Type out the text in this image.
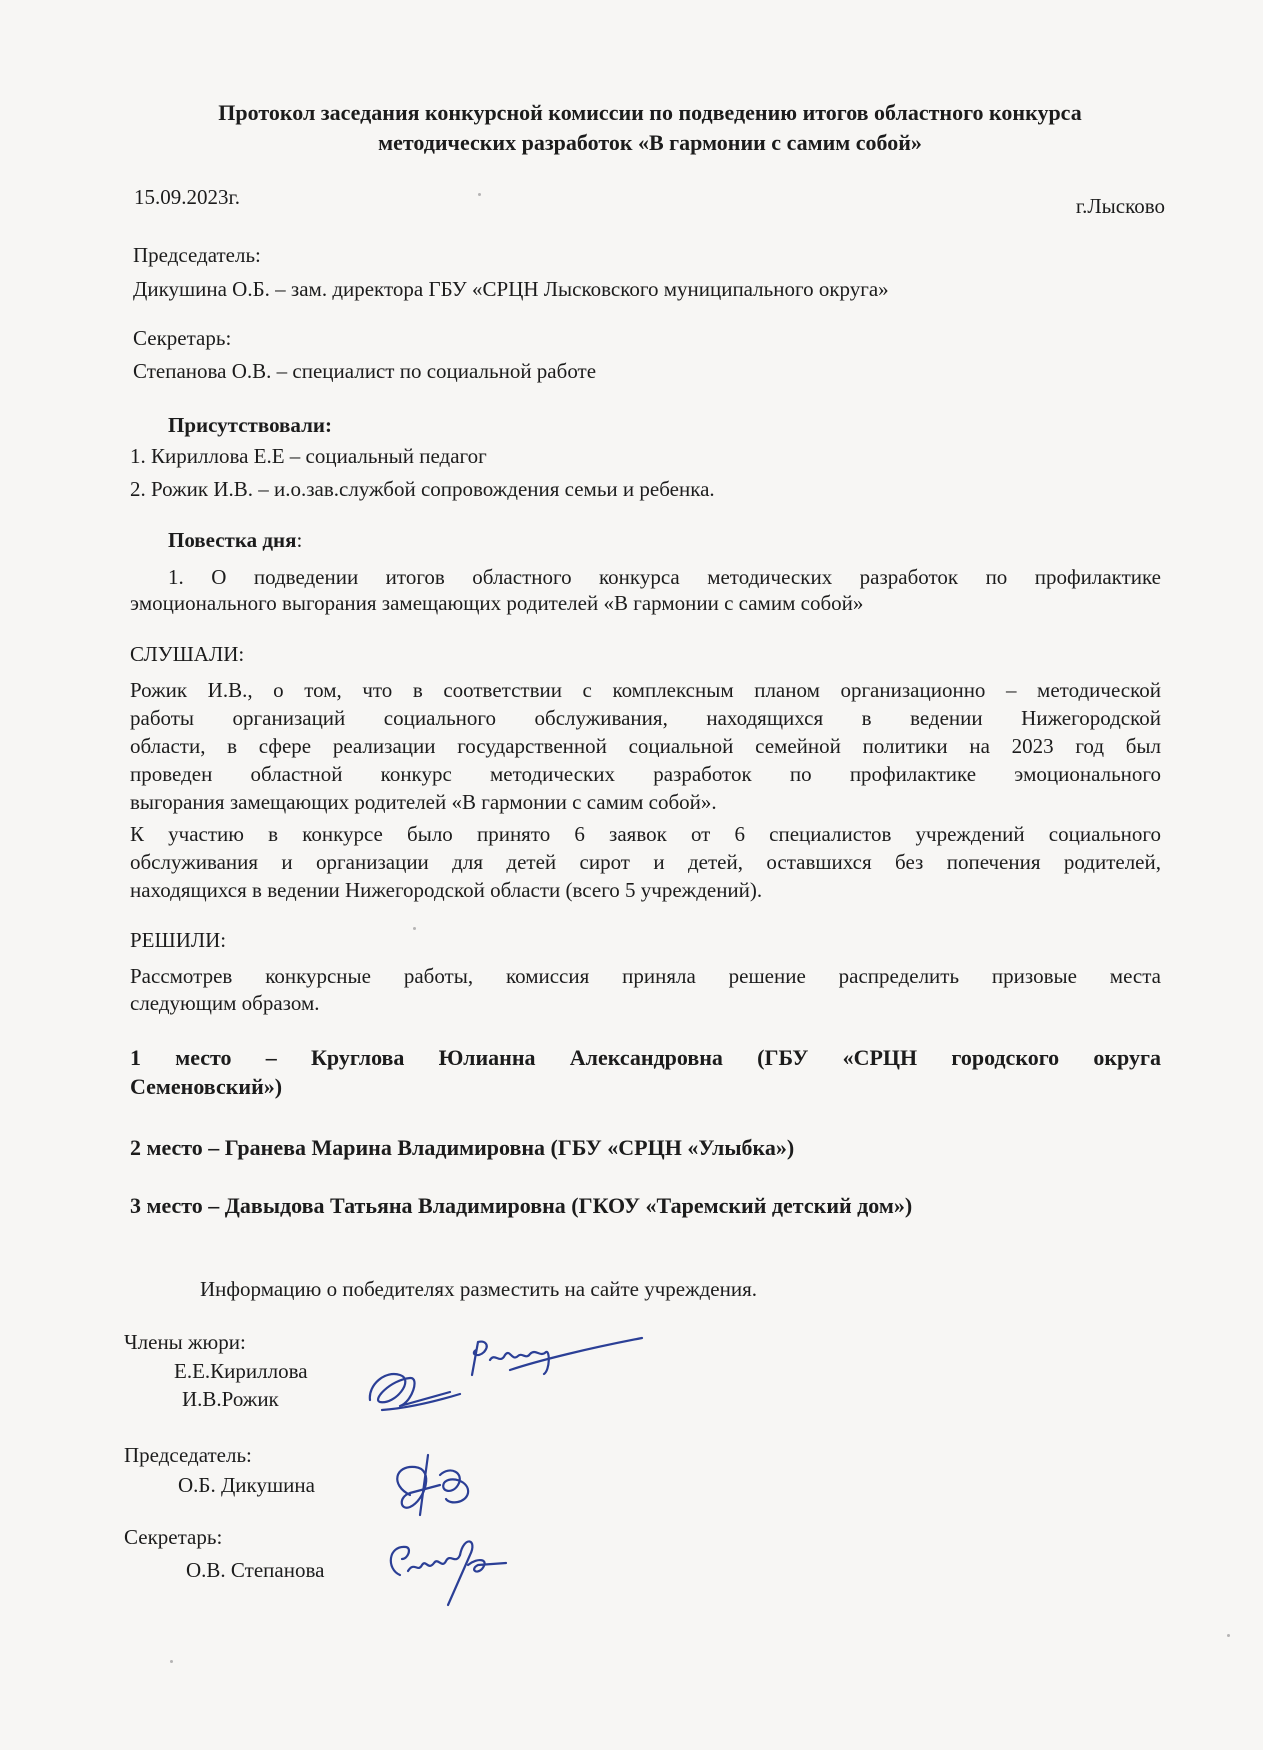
Протокол заседания конкурсной комиссии по подведению итогов областного конкурса
методических разработок «В гармонии с самим собой»
15.09.2023г.	г.Лысково
Председатель:
Дикушина О.Б. – зам. директора ГБУ «СРЦН Лысковского муниципального округа»
Секретарь:
Степанова О.В. – специалист по социальной работе
Присутствовали:
1. Кириллова Е.Е – социальный педагог
2. Рожик И.В. – и.о.зав.службой сопровождения семьи и ребенка.
Повестка дня:
1. О подведении итогов областного конкурса методических разработок по профилактике
эмоционального выгорания замещающих родителей «В гармонии с самим собой»
СЛУШАЛИ:
Рожик И.В., о том, что в соответствии с комплексным планом организационно – методической
работы организаций социального обслуживания, находящихся в ведении Нижегородской
области, в сфере реализации государственной социальной семейной политики на 2023 год был
проведен областной конкурс методических разработок по профилактике эмоционального
выгорания замещающих родителей «В гармонии с самим собой».
К участию в конкурсе было принято 6 заявок от 6 специалистов учреждений социального
обслуживания и организации для детей сирот и детей, оставшихся без попечения родителей,
находящихся в ведении Нижегородской области (всего 5 учреждений).
РЕШИЛИ:
Рассмотрев конкурсные работы, комиссия приняла решение распределить призовые места
следующим образом.
1 место – Круглова Юлианна Александровна (ГБУ «СРЦН городского округа
Семеновский»)
2 место – Гранева Марина Владимировна (ГБУ «СРЦН «Улыбка»)
3 место – Давыдова Татьяна Владимировна (ГКОУ «Таремский детский дом»)
Информацию о победителях разместить на сайте учреждения.
Члены жюри:
Е.Е.Кириллова
И.В.Рожик
Председатель:
О.Б. Дикушина
Секретарь:
О.В. Степанова
